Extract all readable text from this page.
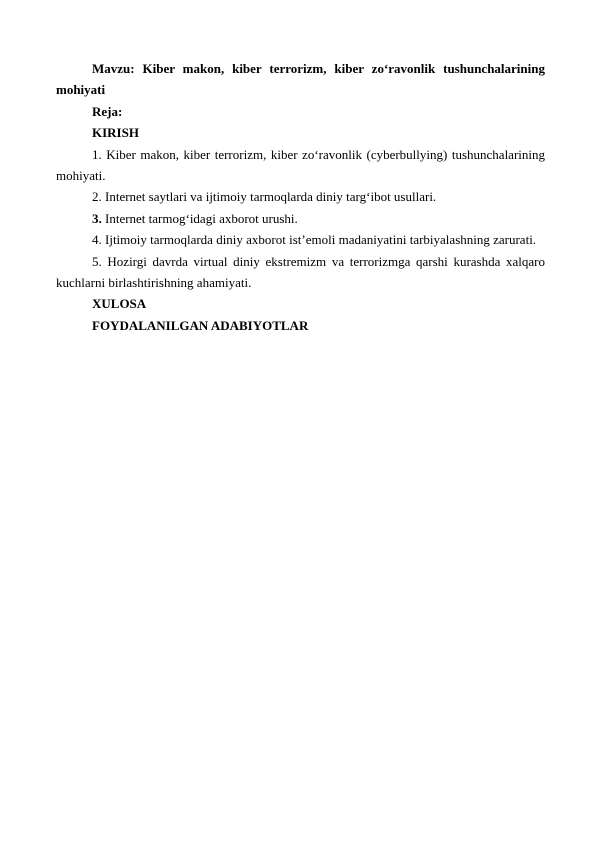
Mavzu: Kiber makon, kiber terrorizm, kiber zo‘ravonlik tushunchalarining mohiyati

Reja:

KIRISH

1. Kiber makon, kiber terrorizm, kiber zo‘ravonlik (cyberbullying) tushunchalarining mohiyati.

2. Internet saytlari va ijtimoiy tarmoqlarda diniy targ‘ibot usullari.

3. Internet tarmog‘idagi axborot urushi.

4. Ijtimoiy tarmoqlarda diniy axborot ist’emoli madaniyatini tarbiyalashning zarurati.

5. Hozirgi davrda virtual diniy ekstremizm va terrorizmga qarshi kurashda xalqaro kuchlarni birlashtirishning ahamiyati.

XULOSA

FOYDALANILGAN ADABIYOTLAR
